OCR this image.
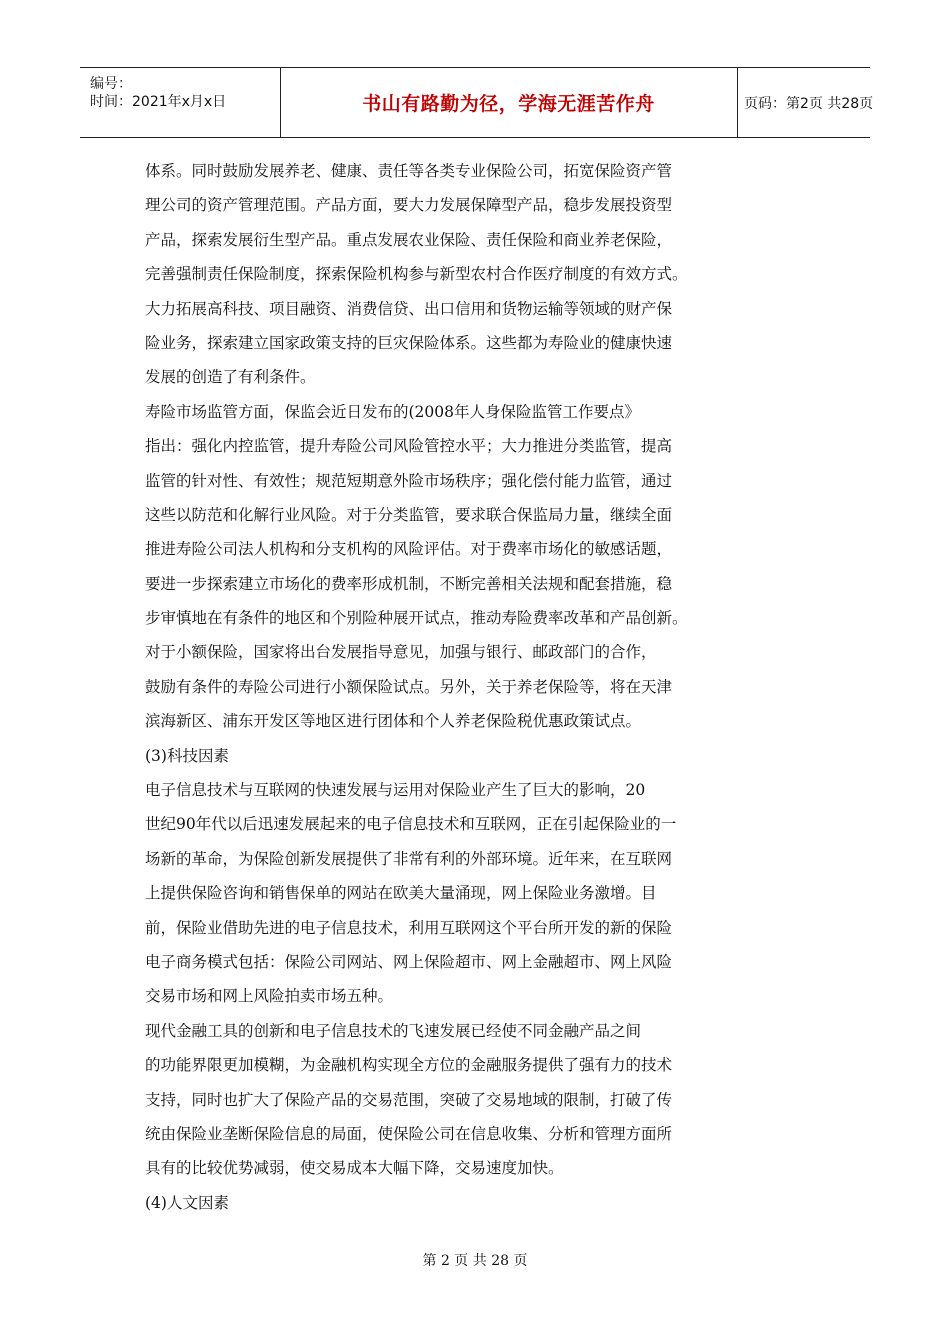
编号：
时间：2021年x月x日	书山有路勤为径，学海无涯苦作舟	页码：第2页 共28页
体系。同时鼓励发展养老、健康、责任等各类专业保险公司，拓宽保险资产管
理公司的资产管理范围。产品方面，要大力发展保障型产品，稳步发展投资型
产品，探索发展衍生型产品。重点发展农业保险、责任保险和商业养老保险，
完善强制责任保险制度，探索保险机构参与新型农村合作医疗制度的有效方式。
大力拓展高科技、项目融资、消费信贷、出口信用和货物运输等领域的财产保
险业务，探索建立国家政策支持的巨灾保险体系。这些都为寿险业的健康快速
发展的创造了有利条件。
寿险市场监管方面，保监会近日发布的(2008年人身保险监管工作要点》
指出：强化内控监管，提升寿险公司风险管控水平；大力推进分类监管，提高
监管的针对性、有效性；规范短期意外险市场秩序；强化偿付能力监管，通过
这些以防范和化解行业风险。对于分类监管，要求联合保监局力量，继续全面
推进寿险公司法人机构和分支机构的风险评估。对于费率市场化的敏感话题，
要进一步探索建立市场化的费率形成机制，不断完善相关法规和配套措施，稳
步审慎地在有条件的地区和个别险种展开试点，推动寿险费率改革和产品创新。
对于小额保险，国家将出台发展指导意见，加强与银行、邮政部门的合作，
鼓励有条件的寿险公司进行小额保险试点。另外，关于养老保险等，将在天津
滨海新区、浦东开发区等地区进行团体和个人养老保险税优惠政策试点。
(3)科技因素
电子信息技术与互联网的快速发展与运用对保险业产生了巨大的影响，20
世纪90年代以后迅速发展起来的电子信息技术和互联网，正在引起保险业的一
场新的革命，为保险创新发展提供了非常有利的外部环境。近年来，在互联网
上提供保险咨询和销售保单的网站在欧美大量涌现，网上保险业务激增。目
前，保险业借助先进的电子信息技术，利用互联网这个平台所开发的新的保险
电子商务模式包括：保险公司网站、网上保险超市、网上金融超市、网上风险
交易市场和网上风险拍卖市场五种。
现代金融工具的创新和电子信息技术的飞速发展已经使不同金融产品之间
的功能界限更加模糊，为金融机构实现全方位的金融服务提供了强有力的技术
支持，同时也扩大了保险产品的交易范围，突破了交易地域的限制，打破了传
统由保险业垄断保险信息的局面，使保险公司在信息收集、分析和管理方面所
具有的比较优势减弱，使交易成本大幅下降，交易速度加快。
(4)人文因素
第 2 页 共 28 页
